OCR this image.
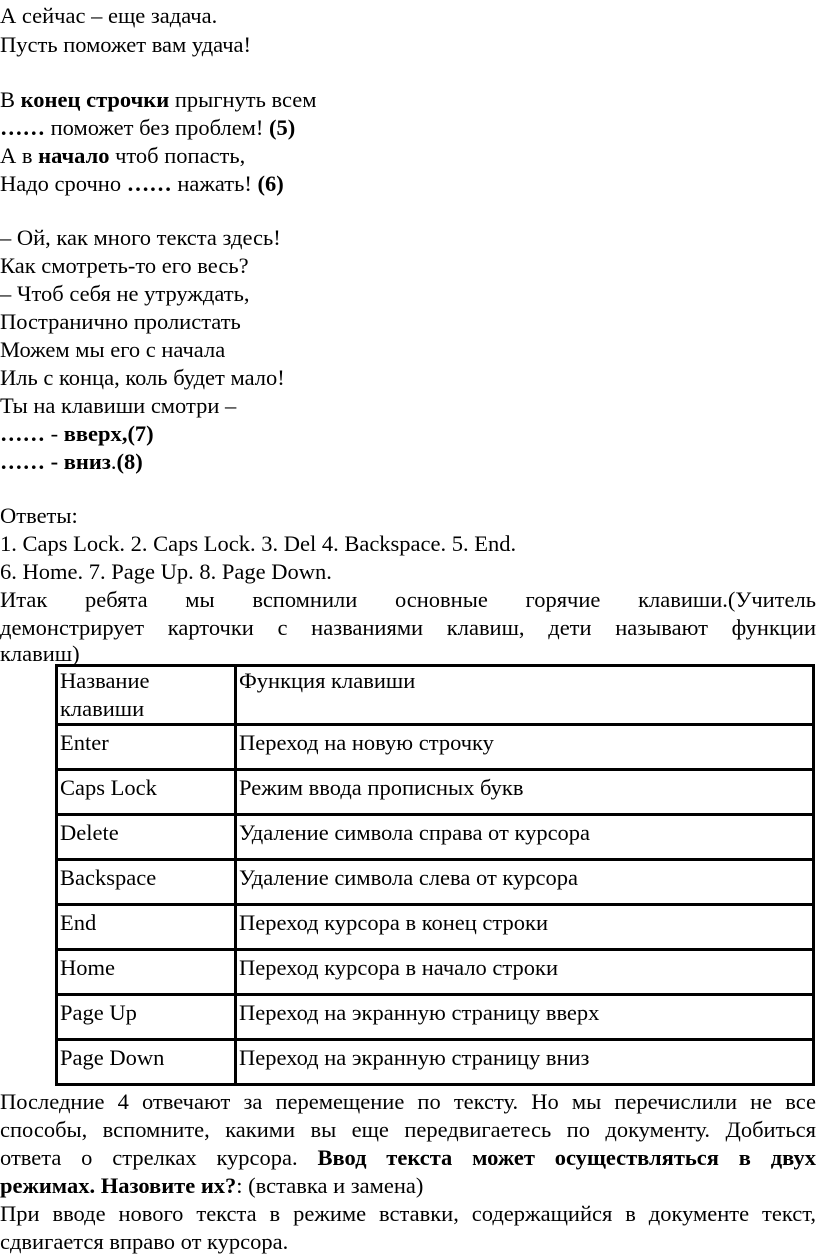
А сейчас – еще задача.
Пусть поможет вам удача!
В конец строчки прыгнуть всем
…… поможет без проблем! (5)
А в начало чтоб попасть,
Надо срочно …… нажать! (6)
– Ой, как много текста здесь!
Как смотреть-то его весь?
– Чтоб себя не утруждать,
Постранично пролистать
Можем мы его с начала
Иль с конца, коль будет мало!
Ты на клавиши смотри –
…… - вверх,(7)
…… - вниз.(8)
Ответы:
1. Caps Lock. 2. Caps Lock. 3. Del 4. Backspace. 5. End.
6. Home. 7. Page Up. 8. Page Down.
Итак ребята мы вспомнили основные горячие клавиши.(Учитель
демонстрирует карточки с названиями клавиш, дети называют функции
клавиш)
Название
клавиши	Функция клавиши
Enter	Переход на новую строчку
Caps Lock	Режим ввода прописных букв
Delete	Удаление символа справа от курсора
Backspace	Удаление символа слева от курсора
End	Переход курсора в конец строки
Home	Переход курсора в начало строки
Page Up	Переход на экранную страницу вверх
Page Down	Переход на экранную страницу вниз
Последние 4 отвечают за перемещение по тексту. Но мы перечислили не все
способы, вспомните, какими вы еще передвигаетесь по документу. Добиться
ответа о стрелках курсора. Ввод текста может осуществляться в двух
режимах. Назовите их?: (вставка и замена)
При вводе нового текста в режиме вставки, содержащийся в документе текст,
сдвигается вправо от курсора.
